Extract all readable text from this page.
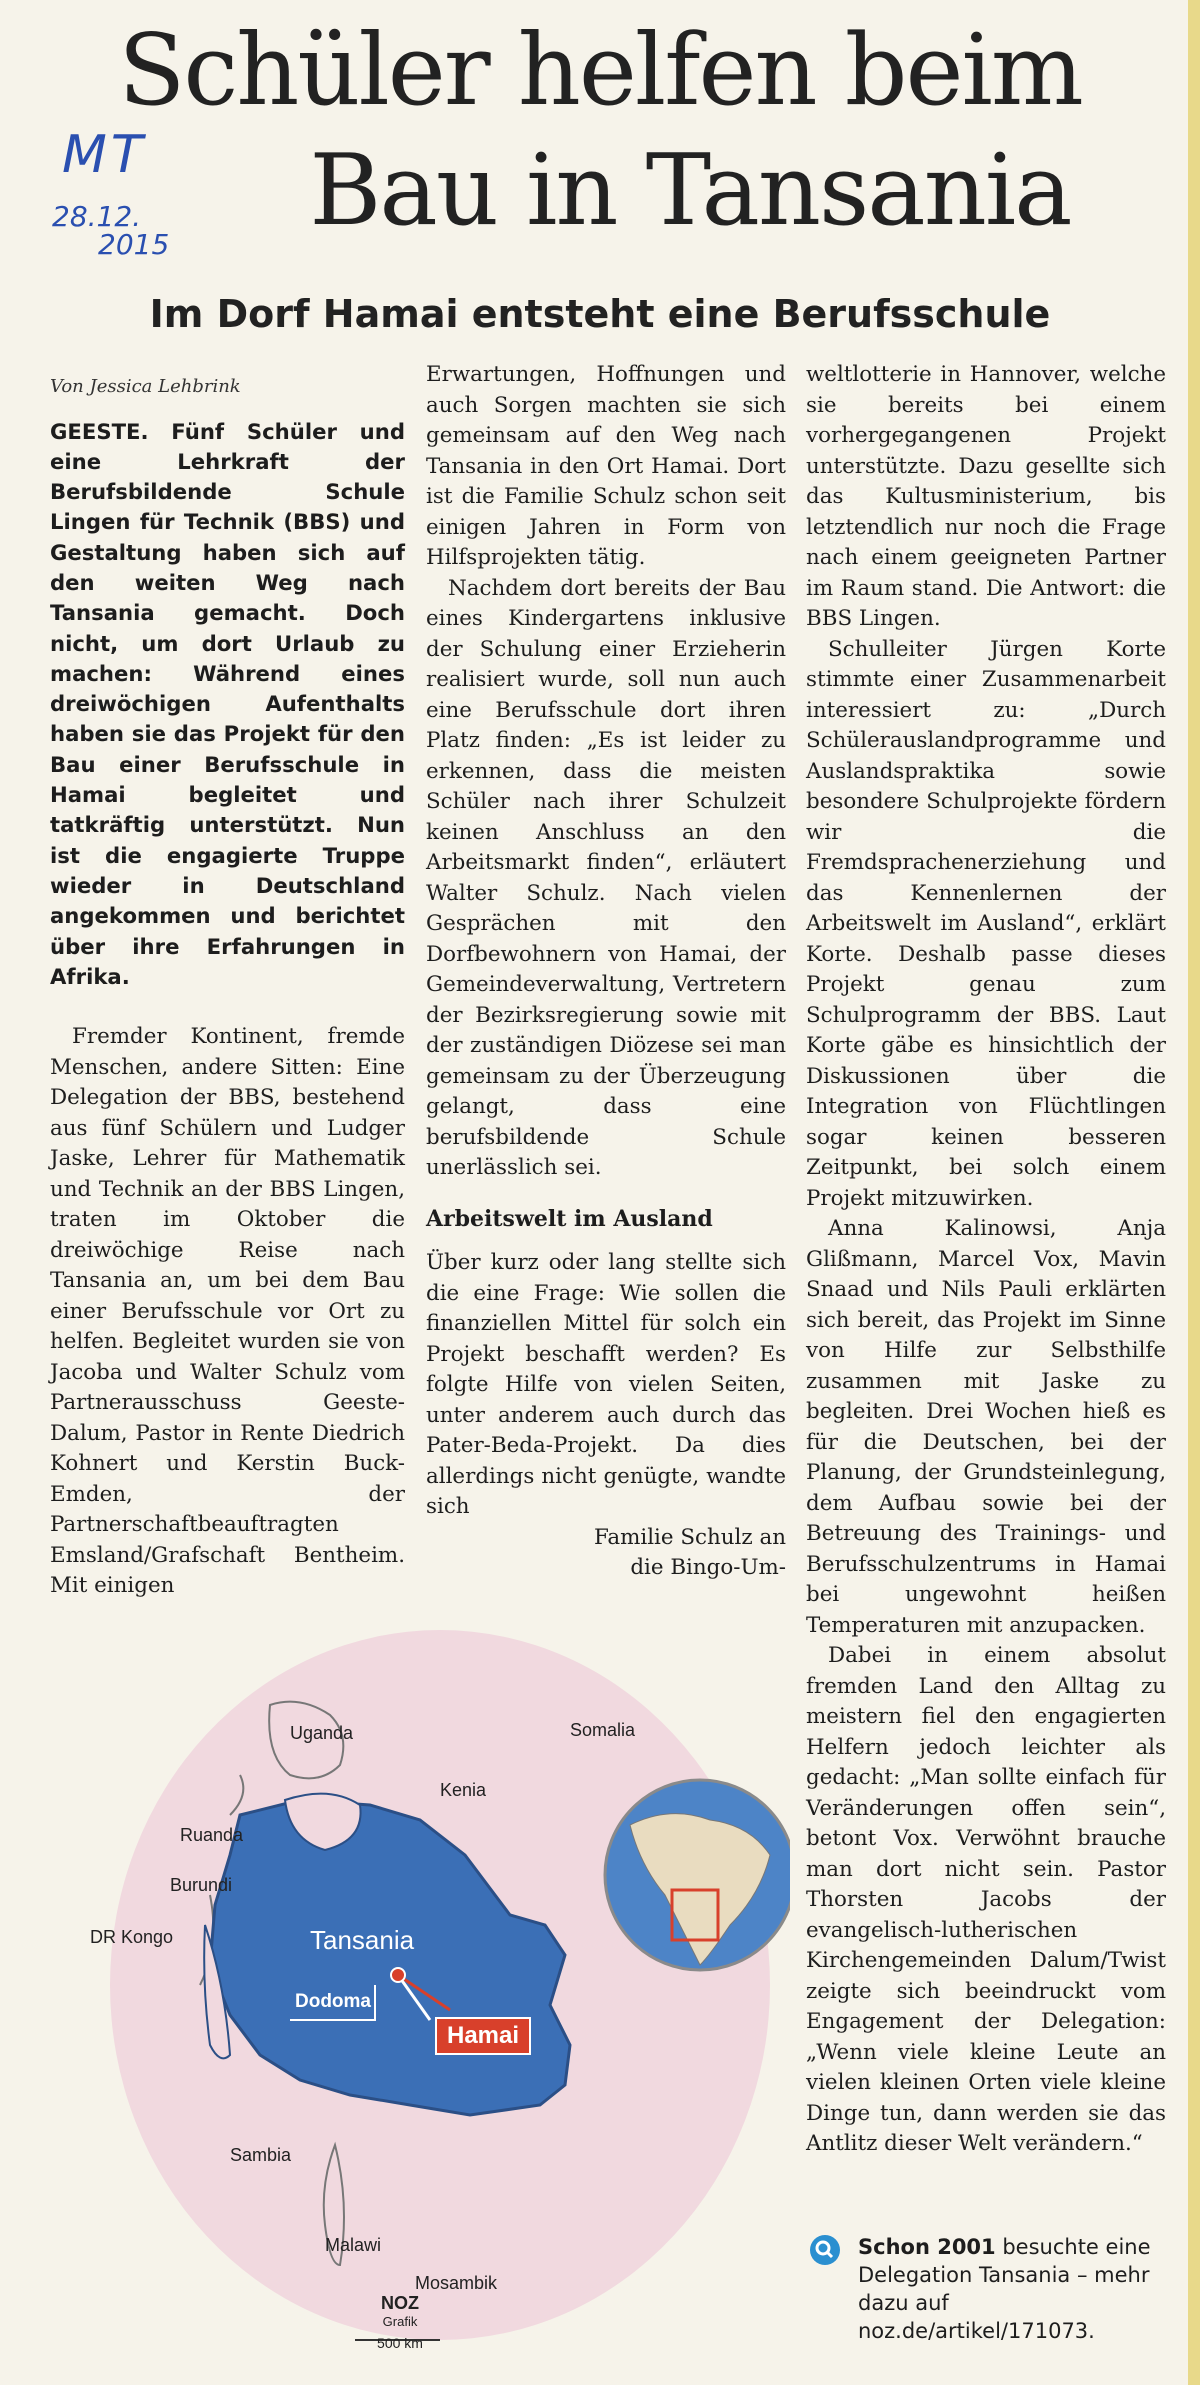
MT

28.12.

2015

Schüler helfen beim
Bau in Tansania
Im Dorf Hamai entsteht eine Berufsschule

Von Jessica Lehbrink

GEESTE. Fünf Schüler und eine Lehrkraft der Berufsbildende Schule Lingen für Technik (BBS) und Gestaltung haben sich auf den weiten Weg nach Tansania gemacht. Doch nicht, um dort Urlaub zu machen: Während eines dreiwöchigen Aufenthalts haben sie das Projekt für den Bau einer Berufsschule in Hamai begleitet und tatkräftig unterstützt. Nun ist die engagierte Truppe wieder in Deutschland angekommen und berichtet über ihre Erfahrungen in Afrika.

Fremder Kontinent, fremde Menschen, andere Sitten: Eine Delegation der BBS, bestehend aus fünf Schülern und Ludger Jaske, Lehrer für Mathematik und Technik an der BBS Lingen, traten im Oktober die dreiwöchige Reise nach Tansania an, um bei dem Bau einer Berufsschule vor Ort zu helfen. Begleitet wurden sie von Jacoba und Walter Schulz vom Partnerausschuss Geeste-Dalum, Pastor in Rente Diedrich Kohnert und Kerstin Buck-Emden, der Partnerschaftbeauftragten Emsland/Grafschaft Bentheim. Mit einigen

Erwartungen, Hoffnungen und auch Sorgen machten sie sich gemeinsam auf den Weg nach Tansania in den Ort Hamai. Dort ist die Familie Schulz schon seit einigen Jahren in Form von Hilfsprojekten tätig.

Nachdem dort bereits der Bau eines Kindergartens inklusive der Schulung einer Erzieherin realisiert wurde, soll nun auch eine Berufsschule dort ihren Platz finden: „Es ist leider zu erkennen, dass die meisten Schüler nach ihrer Schulzeit keinen Anschluss an den Arbeitsmarkt finden“, erläutert Walter Schulz. Nach vielen Gesprächen mit den Dorfbewohnern von Hamai, der Gemeindeverwaltung, Vertretern der Bezirksregierung sowie mit der zuständigen Diözese sei man gemeinsam zu der Überzeugung gelangt, dass eine berufsbildende Schule unerlässlich sei.

Arbeitswelt im Ausland

Über kurz oder lang stellte sich die eine Frage: Wie sollen die finanziellen Mittel für solch ein Projekt beschafft werden? Es folgte Hilfe von vielen Seiten, unter anderem auch durch das Pater-Beda-Projekt. Da dies allerdings nicht genügte, wandte sich

Familie Schulz an

die Bingo-Um-

weltlotterie in Hannover, welche sie bereits bei einem vorhergegangenen Projekt unterstützte. Dazu gesellte sich das Kultusministerium, bis letztendlich nur noch die Frage nach einem geeigneten Partner im Raum stand. Die Antwort: die BBS Lingen.

Schulleiter Jürgen Korte stimmte einer Zusammenarbeit interessiert zu: „Durch Schülerauslandprogramme und Auslandspraktika sowie besondere Schulprojekte fördern wir die Fremdsprachenerziehung und das Kennenlernen der Arbeitswelt im Ausland“, erklärt Korte. Deshalb passe dieses Projekt genau zum Schulprogramm der BBS. Laut Korte gäbe es hinsichtlich der Diskussionen über die Integration von Flüchtlingen sogar keinen besseren Zeitpunkt, bei solch einem Projekt mitzuwirken.

Anna Kalinowsi, Anja Glißmann, Marcel Vox, Mavin Snaad und Nils Pauli erklärten sich bereit, das Projekt im Sinne von Hilfe zur Selbsthilfe zusammen mit Jaske zu begleiten. Drei Wochen hieß es für die Deutschen, bei der Planung, der Grundsteinlegung, dem Aufbau sowie bei der Betreuung des Trainings- und Berufsschulzentrums in Hamai bei ungewohnt heißen Temperaturen mit anzupacken.

Dabei in einem absolut fremden Land den Alltag zu meistern fiel den engagierten Helfern jedoch leichter als gedacht: „Man sollte einfach für Veränderungen offen sein“, betont Vox. Verwöhnt brauche man dort nicht sein. Pastor Thorsten Jacobs der evangelisch-lutherischen Kirchengemeinden Dalum/Twist zeigte sich beeindruckt vom Engagement der Delegation: „Wenn viele kleine Leute an vielen kleinen Orten viele kleine Dinge tun, dann werden sie das Antlitz dieser Welt verändern.“

Uganda	Somalia
Kenia
Ruanda
Burundi
DR Kongo	Tansania
Dodoma
Hamai
Sambia
Malawi
Mosambik
NOZ
Grafik
500 km

Schon 2001 besuchte eine Delegation Tansania – mehr dazu auf noz.de/artikel/171073.
